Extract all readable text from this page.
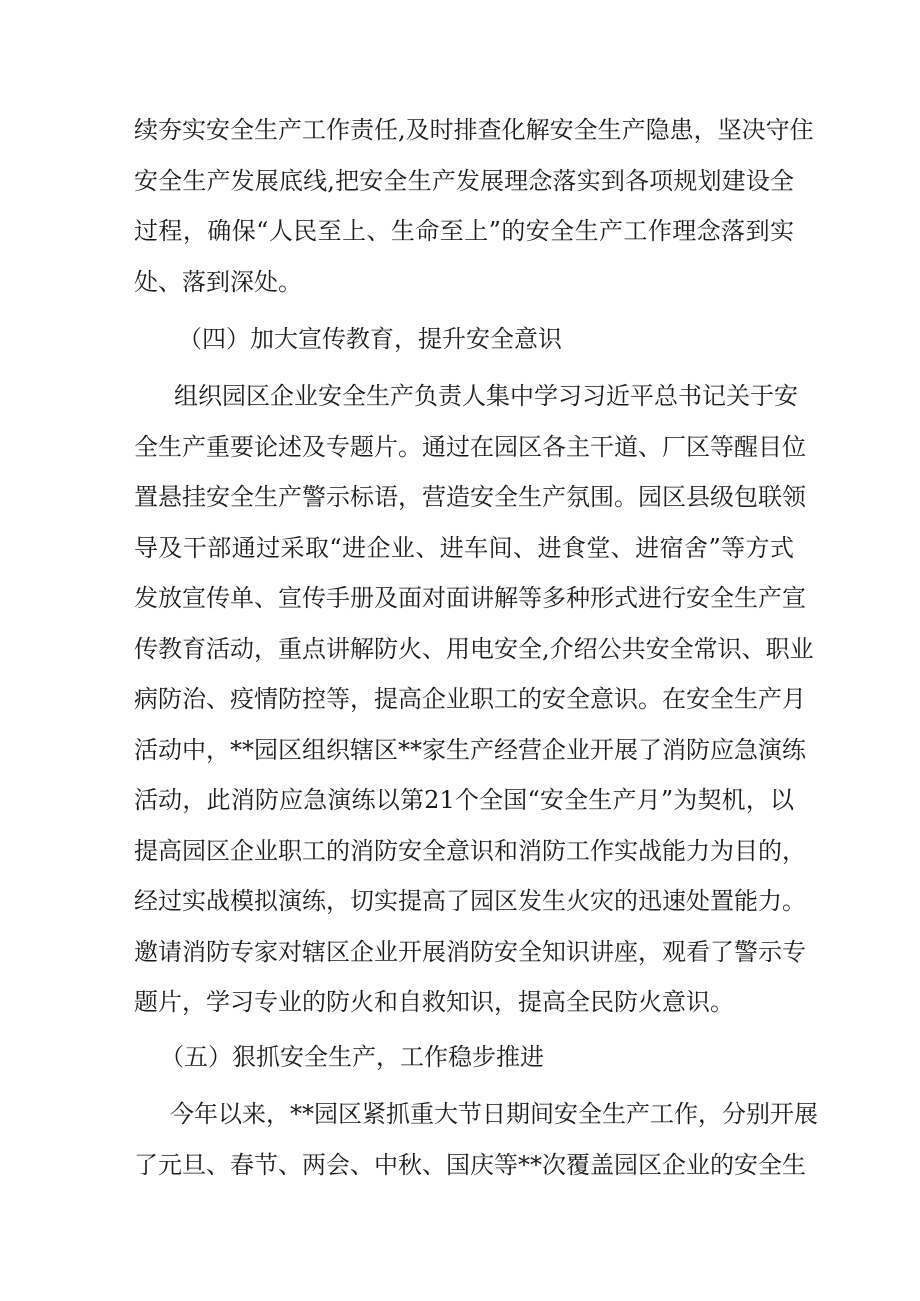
续夯实安全生产工作责任,及时排查化解安全生产隐患，坚决守住
安全生产发展底线,把安全生产发展理念落实到各项规划建设全
过程，确保“人民至上、生命至上”的安全生产工作理念落到实
处、落到深处。
（四）加大宣传教育，提升安全意识
组织园区企业安全生产负责人集中学习习近平总书记关于安
全生产重要论述及专题片。通过在园区各主干道、厂区等醒目位
置悬挂安全生产警示标语，营造安全生产氛围。园区县级包联领
导及干部通过采取“进企业、进车间、进食堂、进宿舍”等方式
发放宣传单、宣传手册及面对面讲解等多种形式进行安全生产宣
传教育活动，重点讲解防火、用电安全,介绍公共安全常识、职业
病防治、疫情防控等，提高企业职工的安全意识。在安全生产月
活动中，**园区组织辖区**家生产经营企业开展了消防应急演练
活动，此消防应急演练以第21个全国“安全生产月”为契机，以
提高园区企业职工的消防安全意识和消防工作实战能力为目的，
经过实战模拟演练，切实提高了园区发生火灾的迅速处置能力。
邀请消防专家对辖区企业开展消防安全知识讲座，观看了警示专
题片，学习专业的防火和自救知识，提高全民防火意识。
（五）狠抓安全生产，工作稳步推进
今年以来，**园区紧抓重大节日期间安全生产工作，分别开展
了元旦、春节、两会、中秋、国庆等**次覆盖园区企业的安全生
